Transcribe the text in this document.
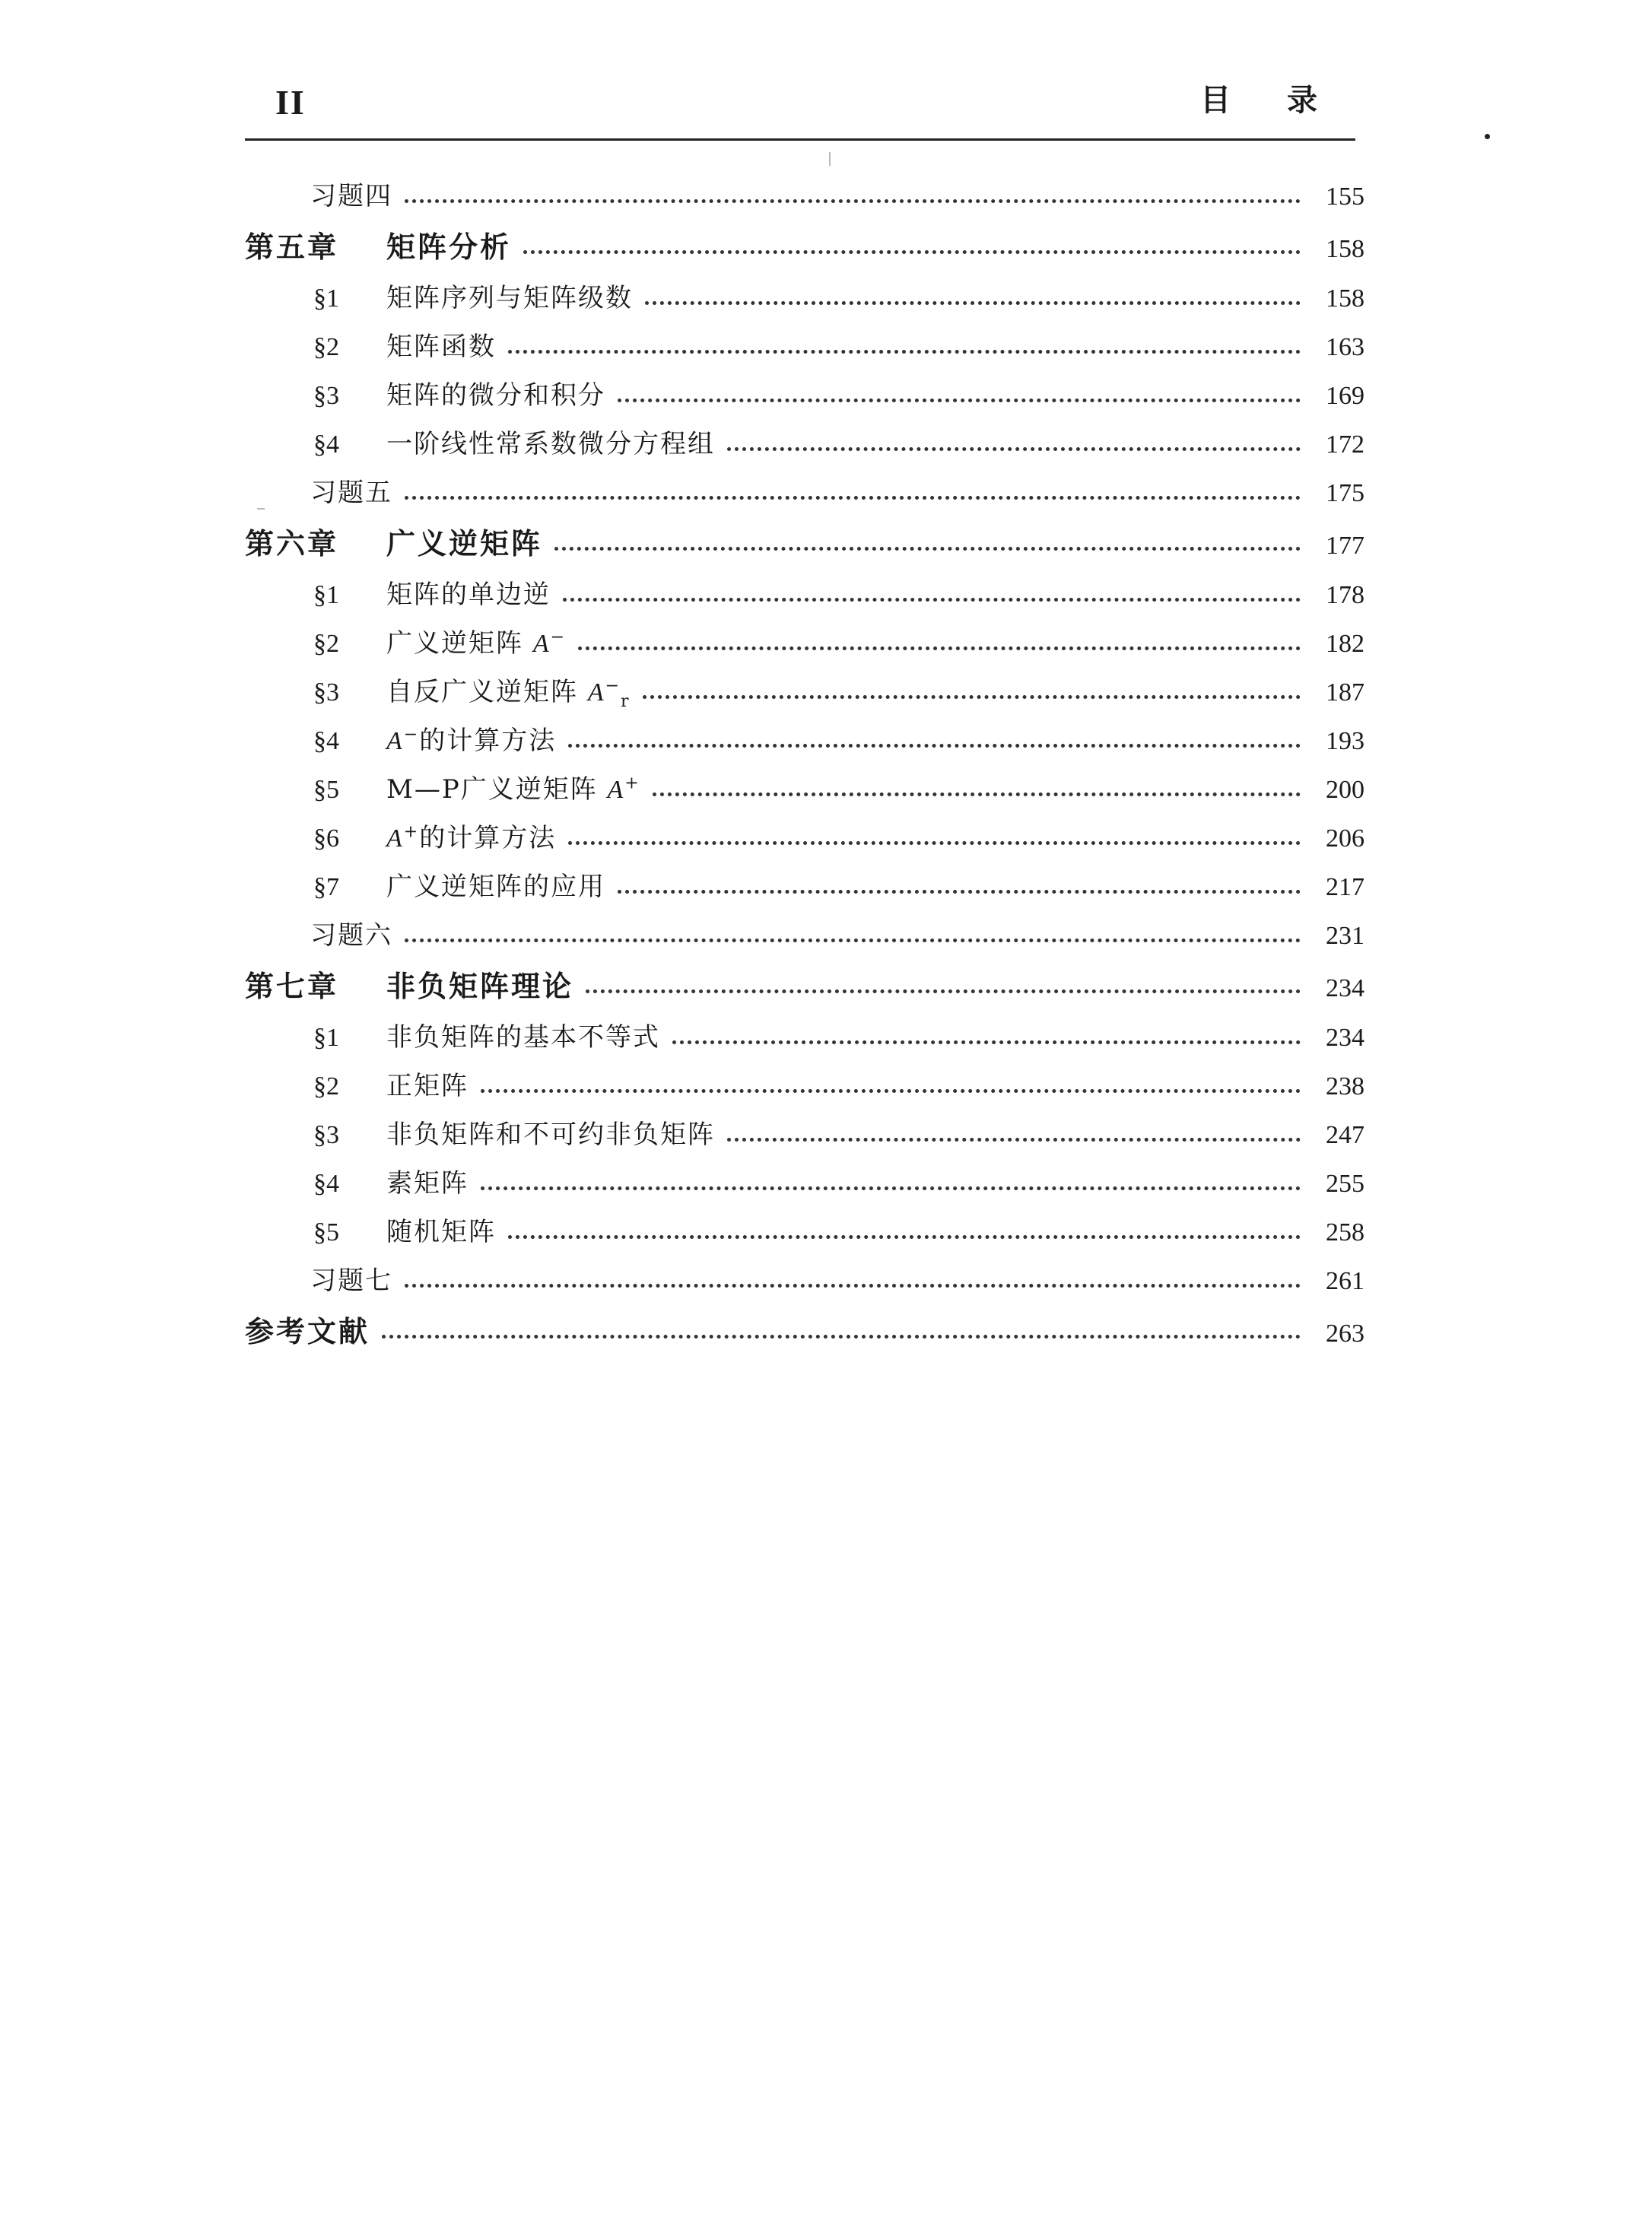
II	目 录
习题四	155
第五章	矩阵分析	158
§1	矩阵序列与矩阵级数	158
§2	矩阵函数	163
§3	矩阵的微分和积分	169
§4	一阶线性常系数微分方程组	172
习题五	175
第六章	广义逆矩阵	177
§1	矩阵的单边逆	178
§2	广义逆矩阵 A−	182
§3	自反广义逆矩阵 $A^-_r$	187
§4	A−的计算方法	193
§5	M—P广义逆矩阵 A+	200
§6	A+的计算方法	206
§7	广义逆矩阵的应用	217
习题六	231
第七章	非负矩阵理论	234
§1	非负矩阵的基本不等式	234
§2	正矩阵	238
§3	非负矩阵和不可约非负矩阵	247
§4	素矩阵	255
§5	随机矩阵	258
习题七	261
参考文献	263
